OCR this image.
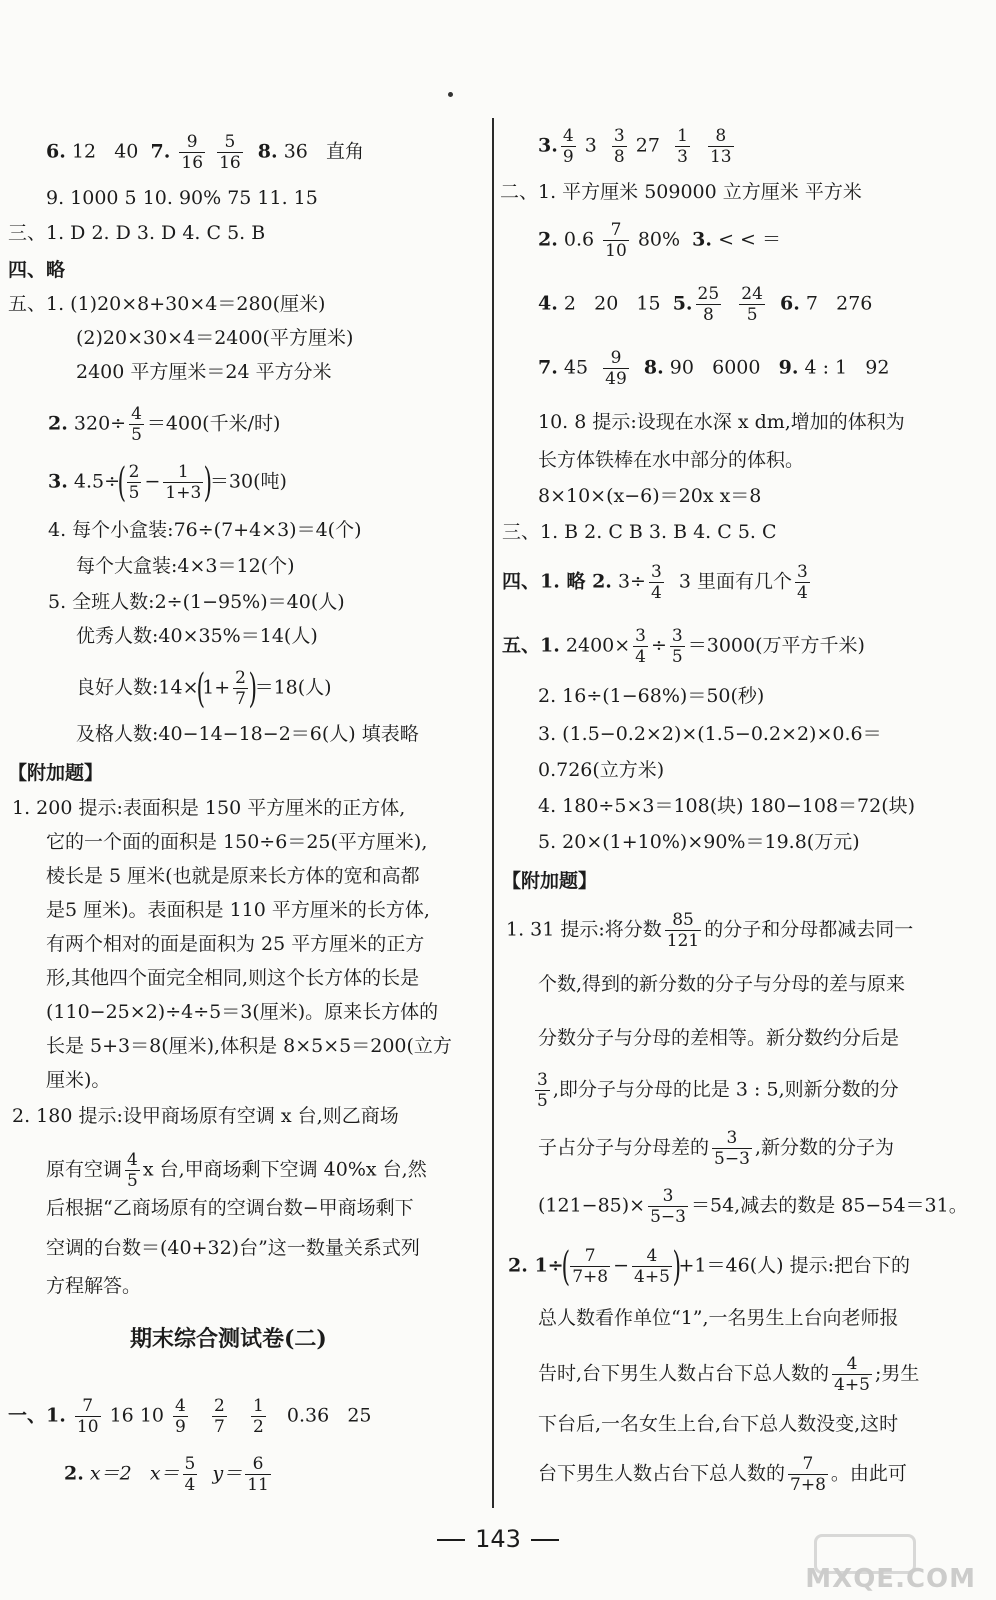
6. 12 40 7. $\frac{9}{16}$
$\frac{5}{16} 8$. 36 直角
9. 1000 5 10. 90% 75 11. 15
三、1. D 2. D 3. D 4. C 5. B
四、略
五、1. (1)20×8+30×4＝280(厘米)
(2)20×30×4＝2400(平方厘米)
2400 平方厘米＝24 平方分米
2. $320\div \frac{4}{5} =400$(千米/时)
3. $4.5\div( \frac{2}{5} - \frac{1}{1+3} )=30$(吨)
4. 每个小盒装:76÷(7+4×3)＝4(个)
每个大盒装:4×3＝12(个)
5. 全班人数:2÷(1−95%)＝40(人)
优秀人数:40×35%＝14(人)
良好人数:14×(1+ $\frac{2}{7} )=18$(人)
及格人数:40−14−18−2＝6(人) 填表略
【附加题】
1. 200 提示:表面积是 150 平方厘米的正方体,
它的一个面的面积是 150÷6＝25(平方厘米),
棱长是 5 厘米(也就是原来长方体的宽和高都
是5 厘米)。表面积是 110 平方厘米的长方体,
有两个相对的面是面积为 25 平方厘米的正方
形,其他四个面完全相同,则这个长方体的长是
(110−25×2)÷4÷5＝3(厘米)。原来长方体的
长是 5+3＝8(厘米),体积是 8×5×5＝200(立方
厘米)。
2. 180 提示:设甲商场原有空调 x 台,则乙商场
原有空调 $\frac{4}{5}$ x 台,甲商场剩下空调 40%x 台,然
后根据“乙商场原有的空调台数−甲商场剩下
空调的台数＝(40+32)台”这一数量关系式列
方程解答。
期末综合测试卷(二)
一、1. $\frac{7}{10} 16$ $10 \frac{4}{9}$
$\frac{2}{7}$
$\frac{1}{2} 0.36$ 25
2. x＝2 $x= \frac{5}{4} y= \frac{6}{11}$
3. $\frac{4}{9} 3 \frac{3}{8} 27 \frac{1}{3}$
$\frac{8}{13}$
二、1. 平方厘米 509000 立方厘米 平方米
2. $0.6 \frac{7}{10} 80\%$ 3. < < ＝
4. 2 20 15 5. $\frac{25}{8}$
$\frac{24}{5} 6$. 7 276
7. $45 \frac{9}{49} 8$. 90 6000 9. 4 : 1 92
10. 8 提示:设现在水深 x dm,增加的体积为
长方体铁棒在水中部分的体积。
8×10×(x−6)＝20x x＝8
三、1. B 2. C B 3. B 4. C 5. C
四、1. 略 2. $3\div \frac{3}{4} 3$ 里面有几个 $\frac{3}{4}$
五、1. $2400\times \frac{3}{4} \div \frac{3}{5} =3000$(万平方千米)
2. 16÷(1−68%)＝50(秒)
3. (1.5−0.2×2)×(1.5−0.2×2)×0.6＝
0.726(立方米)
4. 180÷5×3＝108(块) 180−108＝72(块)
5. 20×(1+10%)×90%＝19.8(万元)
【附加题】
1. 31 提示:将分数 $\frac{85}{121}$ 的分子和分母都减去同一
个数,得到的新分数的分子与分母的差与原来
分数分子与分母的差相等。新分数约分后是
$\frac{3}{5}$ ,即分子与分母的比是 3 : 5,则新分数的分
子占分子与分母差的 $\frac{3}{5-3}$ ,新分数的分子为
$(121-85)\times \frac{3}{5-3} =54$,减去的数是 85−54＝31。
2. $1\div( \frac{7}{7+8} - \frac{4}{4+5} )+1=46$(人) 提示:把台下的
总人数看作单位“1”,一名男生上台向老师报
告时,台下男生人数占台下总人数的 $\frac{4}{4+5}$ ;男生
下台后,一名女生上台,台下总人数没变,这时
台下男生人数占台下总人数的 $\frac{7}{7+8}$ 。由此可
143
MXQE.COM
